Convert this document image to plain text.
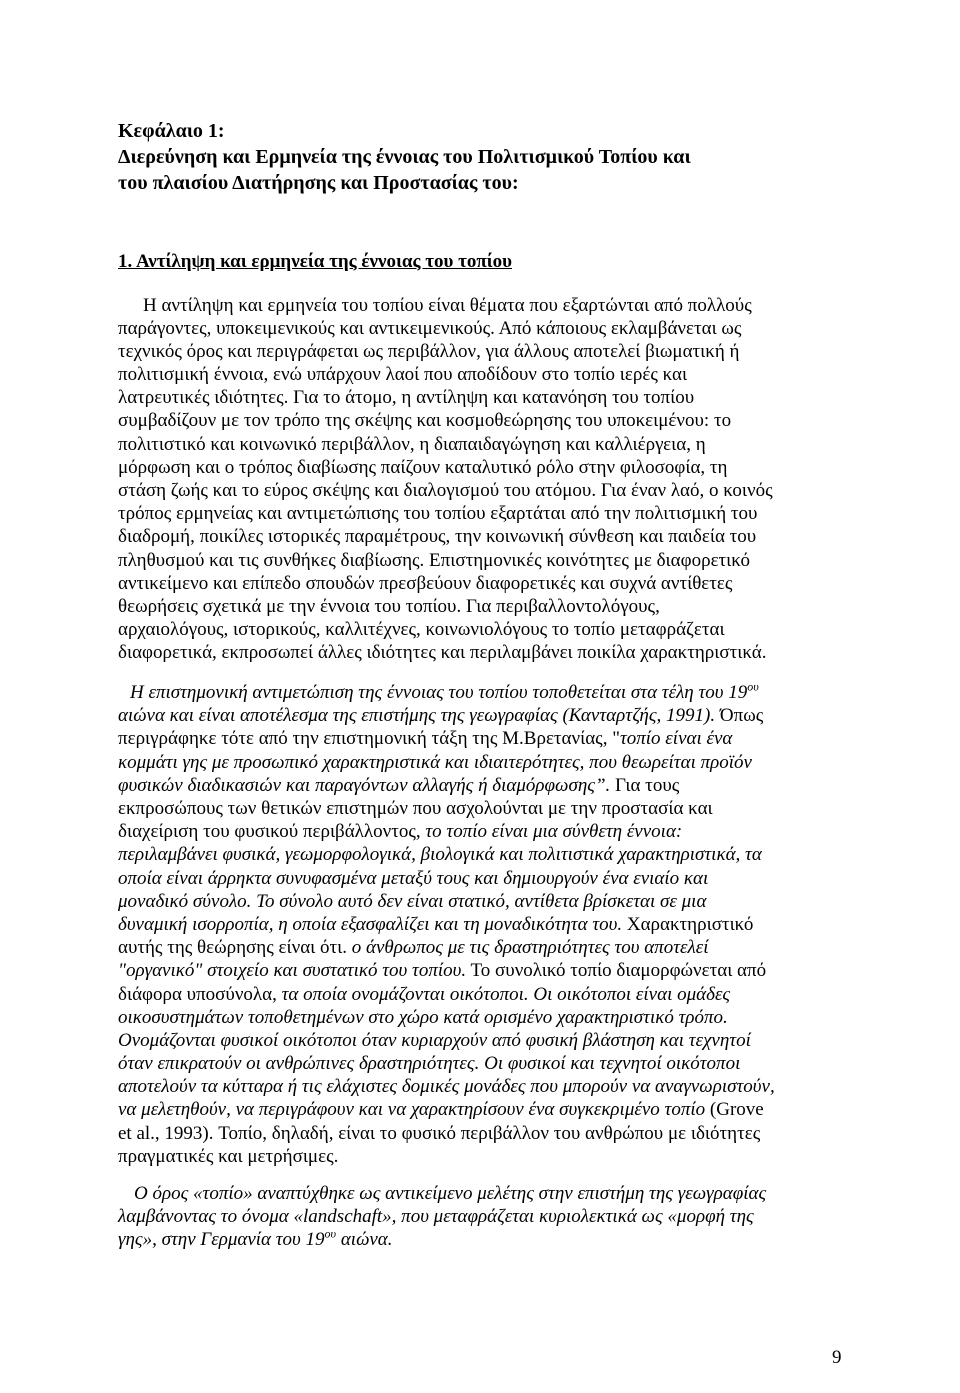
Κεφάλαιο 1:
Διερεύνηση και Ερμηνεία της έννοιας του Πολιτισμικού Τοπίου και
του πλαισίου Διατήρησης και Προστασίας του:
1. Αντίληψη και ερμηνεία της έννοιας του τοπίου
Η αντίληψη και ερμηνεία του τοπίου είναι θέματα που εξαρτώνται από πολλούς
παράγοντες, υποκειμενικούς και αντικειμενικούς. Από κάποιους εκλαμβάνεται ως
τεχνικός όρος και περιγράφεται ως περιβάλλον, για άλλους αποτελεί βιωματική ή
πολιτισμική έννοια, ενώ υπάρχουν λαοί που αποδίδουν στο τοπίο ιερές και
λατρευτικές ιδιότητες. Για το άτομο, η αντίληψη και κατανόηση του τοπίου
συμβαδίζουν με τον τρόπο της σκέψης και κοσμοθεώρησης του υποκειμένου: το
πολιτιστικό και κοινωνικό περιβάλλον, η διαπαιδαγώγηση και καλλιέργεια, η
μόρφωση και ο τρόπος διαβίωσης παίζουν καταλυτικό ρόλο στην φιλοσοφία, τη
στάση ζωής και το εύρος σκέψης και διαλογισμού του ατόμου. Για έναν λαό, ο κοινός
τρόπος ερμηνείας και αντιμετώπισης του τοπίου εξαρτάται από την πολιτισμική του
διαδρομή, ποικίλες ιστορικές παραμέτρους, την κοινωνική σύνθεση και παιδεία του
πληθυσμού και τις συνθήκες διαβίωσης. Επιστημονικές κοινότητες με διαφορετικό
αντικείμενο και επίπεδο σπουδών πρεσβεύουν διαφορετικές και συχνά αντίθετες
θεωρήσεις σχετικά με την έννοια του τοπίου. Για περιβαλλοντολόγους,
αρχαιολόγους, ιστορικούς, καλλιτέχνες, κοινωνιολόγους το τοπίο μεταφράζεται
διαφορετικά, εκπροσωπεί άλλες ιδιότητες και περιλαμβάνει ποικίλα χαρακτηριστικά.
Η επιστημονική αντιμετώπιση της έννοιας του τοπίου τοποθετείται στα τέλη του $19^{o\upsilon}$
αιώνα και είναι αποτέλεσμα της επιστήμης της γεωγραφίας (Κανταρτζής, 1991). Όπως
περιγράφηκε τότε από την επιστημονική τάξη της Μ.Βρετανίας, "τοπίο είναι ένα
κομμάτι γης με προσωπικό χαρακτηριστικά και ιδιαιτερότητες, που θεωρείται προϊόν
φυσικών διαδικασιών και παραγόντων αλλαγής ή διαμόρφωσης”. Για τους
εκπροσώπους των θετικών επιστημών που ασχολούνται με την προστασία και
διαχείριση του φυσικού περιβάλλοντος, το τοπίο είναι μια σύνθετη έννοια:
περιλαμβάνει φυσικά, γεωμορφολογικά, βιολογικά και πολιτιστικά χαρακτηριστικά, τα
οποία είναι άρρηκτα συνυφασμένα μεταξύ τους και δημιουργούν ένα ενιαίο και
μοναδικό σύνολο. Το σύνολο αυτό δεν είναι στατικό, αντίθετα βρίσκεται σε μια
δυναμική ισορροπία, η οποία εξασφαλίζει και τη μοναδικότητα του. Χαρακτηριστικό
αυτής της θεώρησης είναι ότι. ο άνθρωπος με τις δραστηριότητες του αποτελεί
"οργανικό" στοιχείο και συστατικό του τοπίου. Το συνολικό τοπίο διαμορφώνεται από
διάφορα υποσύνολα, τα οποία ονομάζονται οικότοποι. Οι οικότοποι είναι ομάδες
οικοσυστημάτων τοποθετημένων στο χώρο κατά ορισμένο χαρακτηριστικό τρόπο.
Ονομάζονται φυσικοί οικότοποι όταν κυριαρχούν από φυσική βλάστηση και τεχνητοί
όταν επικρατούν οι ανθρώπινες δραστηριότητες. Οι φυσικοί και τεχνητοί οικότοποι
αποτελούν τα κύτταρα ή τις ελάχιστες δομικές μονάδες που μπορούν να αναγνωριστούν,
να μελετηθούν, να περιγράφουν και να χαρακτηρίσουν ένα συγκεκριμένο τοπίο (Grove
et al., 1993). Τοπίο, δηλαδή, είναι το φυσικό περιβάλλον του ανθρώπου με ιδιότητες
πραγματικές και μετρήσιμες.
Ο όρος «τοπίο» αναπτύχθηκε ως αντικείμενο μελέτης στην επιστήμη της γεωγραφίας
λαμβάνοντας το όνομα «landschaft», που μεταφράζεται κυριολεκτικά ως «μορφή της
γης», στην Γερμανία του $19^{o\upsilon}$ αιώνα.
9
